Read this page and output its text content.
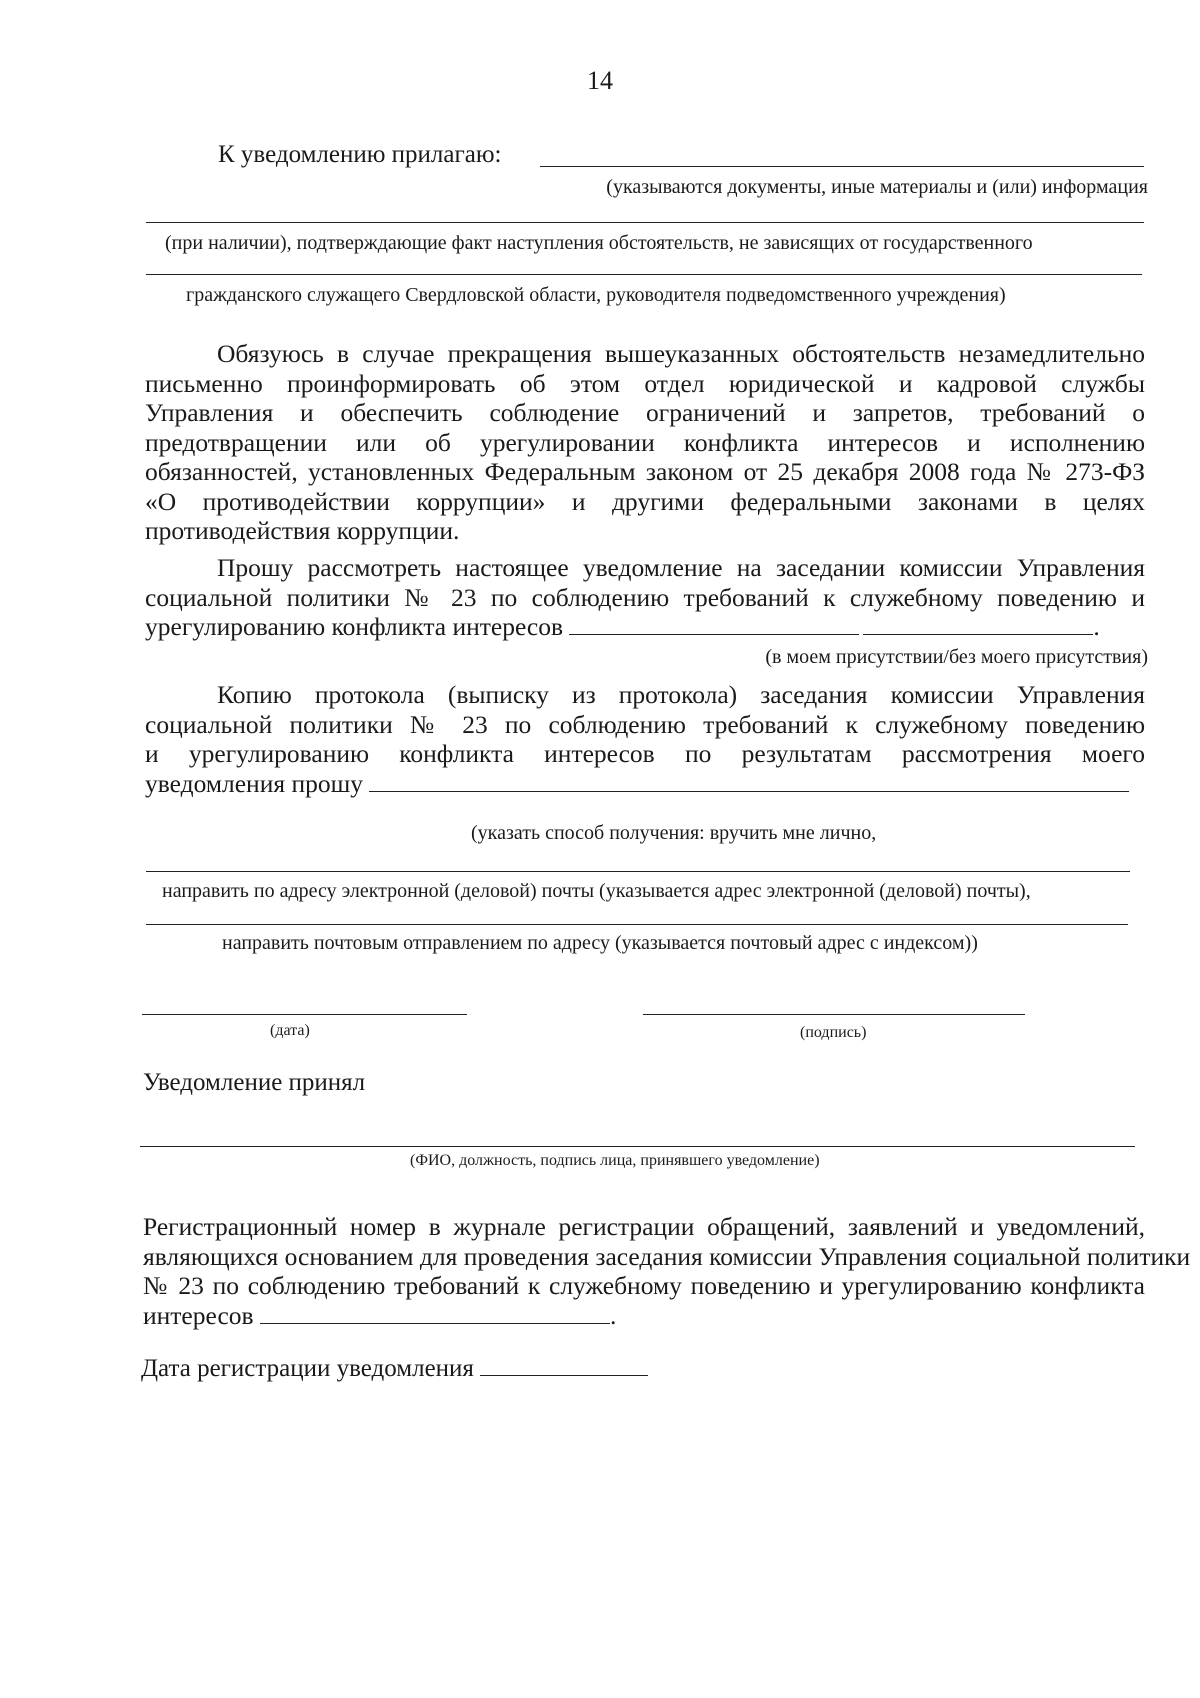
14
К уведомлению прилагаю:
(указываются документы, иные материалы и (или) информация
(при наличии), подтверждающие факт наступления обстоятельств, не зависящих от государственного
гражданского служащего Свердловской области, руководителя подведомственного учреждения)
Обязуюсь в случае прекращения вышеуказанных обстоятельств незамедлительно
письменно проинформировать об этом отдел юридической и кадровой службы
Управления и обеспечить соблюдение ограничений и запретов, требований о
предотвращении или об урегулировании конфликта интересов и исполнению
обязанностей, установленных Федеральным законом от 25 декабря 2008 года № 273-ФЗ
«О противодействии коррупции» и другими федеральными законами в целях
противодействия коррупции.
Прошу рассмотреть настоящее уведомление на заседании комиссии Управления
социальной политики № 23 по соблюдению требований к служебному поведению и
урегулированию конфликта интересов	.
(в моем присутствии/без моего присутствия)
Копию протокола (выписку из протокола) заседания комиссии Управления
социальной политики № 23 по соблюдению требований к служебному поведению
и урегулированию конфликта интересов по результатам рассмотрения моего
уведомления прошу
(указать способ получения: вручить мне лично,
направить по адресу электронной (деловой) почты (указывается адрес электронной (деловой) почты),
направить почтовым отправлением по адресу (указывается почтовый адрес с индексом))
(дата)	(подпись)
Уведомление принял
(ФИО, должность, подпись лица, принявшего уведомление)
Регистрационный номер в журнале регистрации обращений, заявлений и уведомлений,
являющихся основанием для проведения заседания комиссии Управления социальной политики
№ 23 по соблюдению требований к служебному поведению и урегулированию конфликта
интересов	.
Дата регистрации уведомления
